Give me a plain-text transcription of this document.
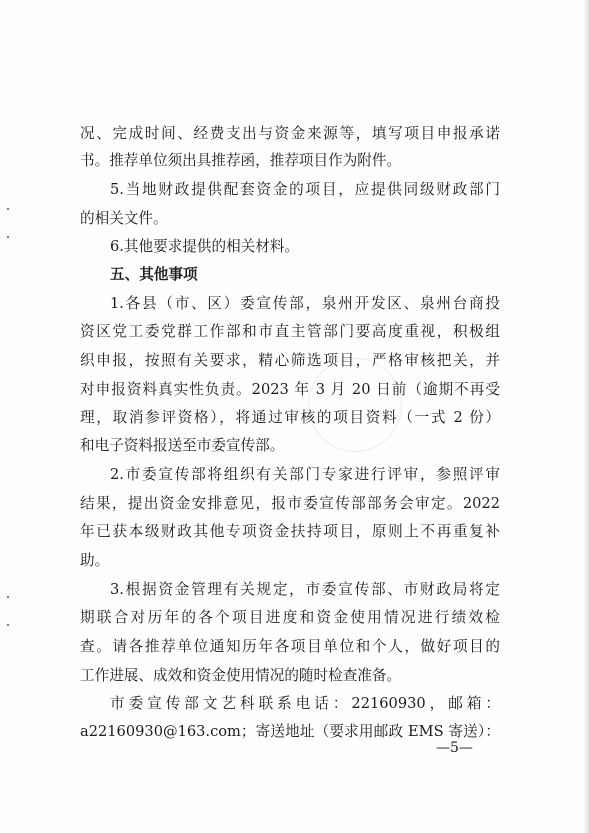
况、完成时间、经费支出与资金来源等，填写项目申报承诺
书。推荐单位须出具推荐函，推荐项目作为附件。
5.当地财政提供配套资金的项目，应提供同级财政部门
的相关文件。
6.其他要求提供的相关材料。
五、其他事项
1.各县（市、区）委宣传部，泉州开发区、泉州台商投
资区党工委党群工作部和市直主管部门要高度重视，积极组
织申报，按照有关要求，精心筛选项目，严格审核把关，并
对申报资料真实性负责。2023 年 3 月 20 日前（逾期不再受
理，取消参评资格），将通过审核的项目资料（一式 2 份）
和电子资料报送至市委宣传部。
2.市委宣传部将组织有关部门专家进行评审，参照评审
结果，提出资金安排意见，报市委宣传部部务会审定。2022
年已获本级财政其他专项资金扶持项目，原则上不再重复补
助。
3.根据资金管理有关规定，市委宣传部、市财政局将定
期联合对历年的各个项目进度和资金使用情况进行绩效检
查。请各推荐单位通知历年各项目单位和个人，做好项目的
工作进展、成效和资金使用情况的随时检查准备。
市委宣传部文艺科联系电话：22160930，邮箱：
a22160930@163.com；寄送地址（要求用邮政 EMS 寄送）：
—5—
